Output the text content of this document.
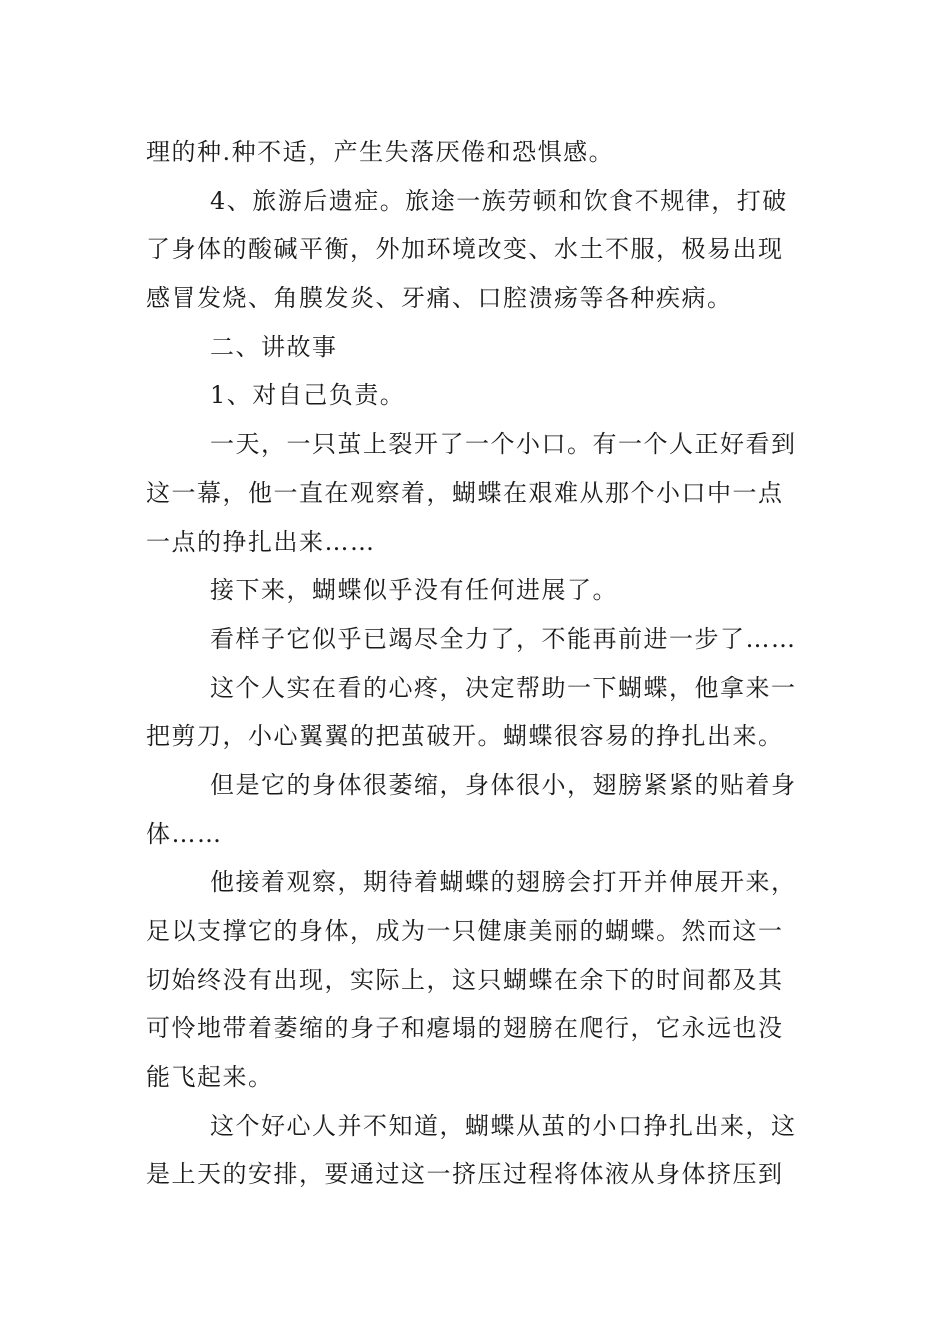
理的种.种不适，产生失落厌倦和恐惧感。
4、旅游后遗症。旅途一族劳顿和饮食不规律，打破
了身体的酸碱平衡，外加环境改变、水土不服，极易出现
感冒发烧、角膜发炎、牙痛、口腔溃疡等各种疾病。
二、讲故事
1、对自己负责。
一天，一只茧上裂开了一个小口。有一个人正好看到
这一幕，他一直在观察着，蝴蝶在艰难从那个小口中一点
一点的挣扎出来……
接下来，蝴蝶似乎没有任何进展了。
看样子它似乎已竭尽全力了，不能再前进一步了……
这个人实在看的心疼，决定帮助一下蝴蝶，他拿来一
把剪刀，小心翼翼的把茧破开。蝴蝶很容易的挣扎出来。
但是它的身体很萎缩，身体很小，翅膀紧紧的贴着身
体……
他接着观察，期待着蝴蝶的翅膀会打开并伸展开来，
足以支撑它的身体，成为一只健康美丽的蝴蝶。然而这一
切始终没有出现，实际上，这只蝴蝶在余下的时间都及其
可怜地带着萎缩的身子和瘪塌的翅膀在爬行，它永远也没
能飞起来。
这个好心人并不知道，蝴蝶从茧的小口挣扎出来，这
是上天的安排，要通过这一挤压过程将体液从身体挤压到
